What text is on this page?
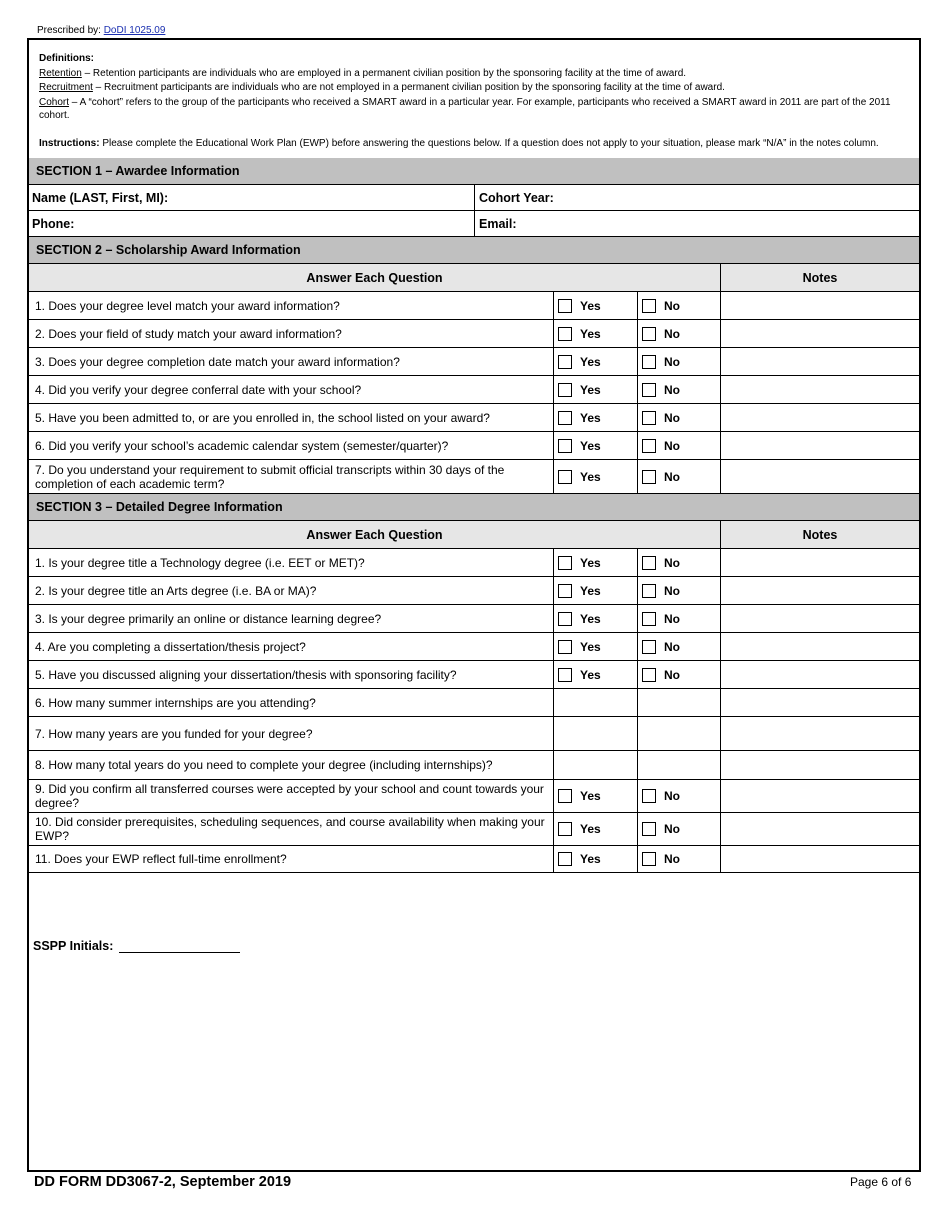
Prescribed by: DoDI 1025.09

Definitions:

Retention – Retention participants are individuals who are employed in a permanent civilian position by the sponsoring facility at the time of award.

Recruitment – Recruitment participants are individuals who are not employed in a permanent civilian position by the sponsoring facility at the time of award.

Cohort – A “cohort” refers to the group of the participants who received a SMART award in a particular year. For example, participants who received a SMART award in 2011 are part of the 2011 cohort.

Instructions: Please complete the Educational Work Plan (EWP) before answering the questions below. If a question does not apply to your situation, please mark “N/A” in the notes column.

SECTION 1 – Awardee Information
Name (LAST, First, MI):	Cohort Year:
Phone:	Email:
SECTION 2 – Scholarship Award Information
Answer Each Question	Notes
1. Does your degree level match your award information?	Yes	No
2. Does your field of study match your award information?	Yes	No
3. Does your degree completion date match your award information?	Yes	No
4. Did you verify your degree conferral date with your school?	Yes	No
5. Have you been admitted to, or are you enrolled in, the school listed on your award?	Yes	No
6. Did you verify your school’s academic calendar system (semester/quarter)?	Yes	No
7. Do you understand your requirement to submit official transcripts within 30 days of the completion of each academic term?	Yes	No
SECTION 3 – Detailed Degree Information
Answer Each Question	Notes
1. Is your degree title a Technology degree (i.e. EET or MET)?	Yes	No
2. Is your degree title an Arts degree (i.e. BA or MA)?	Yes	No
3. Is your degree primarily an online or distance learning degree?	Yes	No
4. Are you completing a dissertation/thesis project?	Yes	No
5. Have you discussed aligning your dissertation/thesis with sponsoring facility?	Yes	No
6. How many summer internships are you attending?
7. How many years are you funded for your degree?
8. How many total years do you need to complete your degree (including internships)?
9. Did you confirm all transferred courses were accepted by your school and count towards your degree?	Yes	No
10. Did consider prerequisites, scheduling sequences, and course availability when making your EWP?	Yes	No
11. Does your EWP reflect full-time enrollment?	Yes	No
SSPP Initials:
DD FORM DD3067-2, September 2019	Page 6 of 6
